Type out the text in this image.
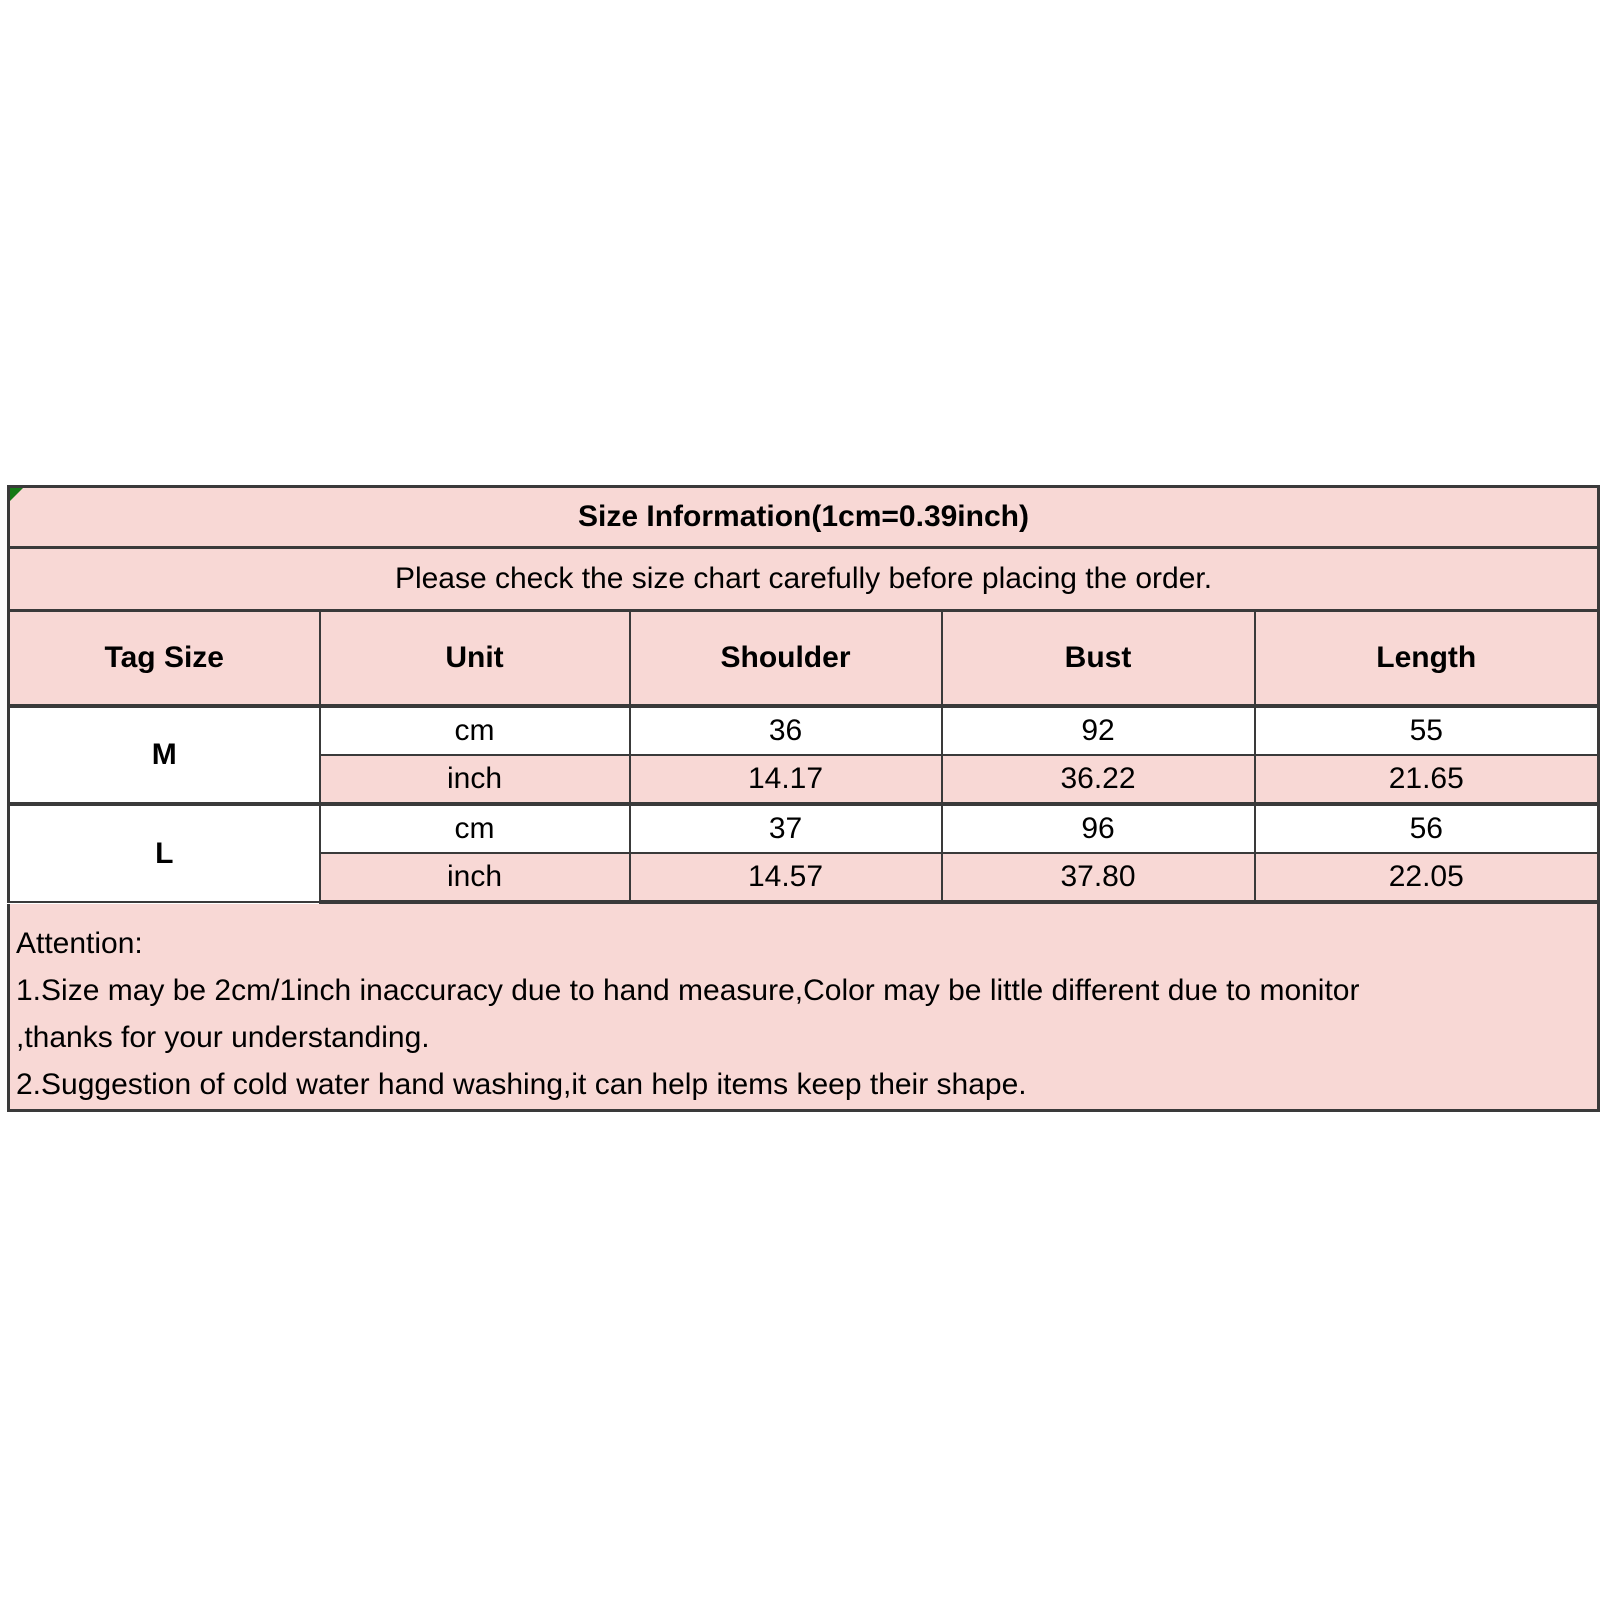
Size Information(1cm=0.39inch)				
Please check the size chart carefully before placing the order.				
Tag Size	Unit	Shoulder	Bust	Length
M	cm	36	92	55
	inch	14.17	36.22	21.65
L	cm	37	96	56
	inch	14.57	37.80	22.05
Attention:
1.Size may be 2cm/1inch inaccuracy due to hand measure,Color may be little different due to monitor
,thanks for your understanding.
2.Suggestion of cold water hand washing,it can help items keep their shape.
